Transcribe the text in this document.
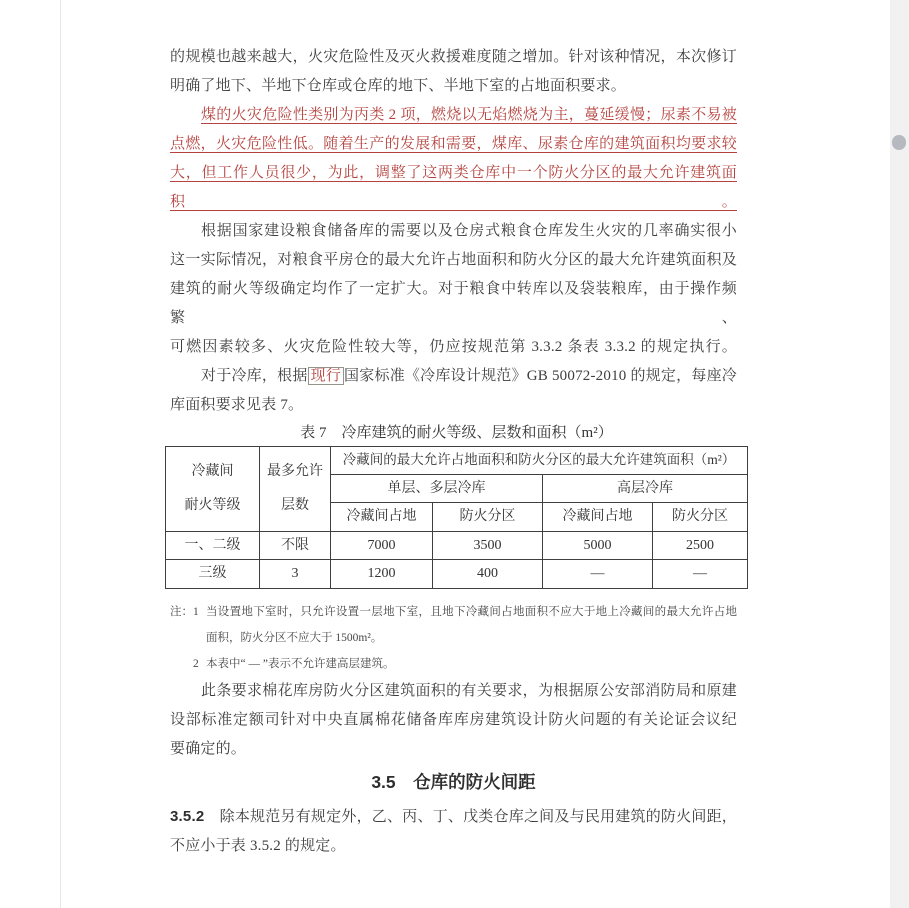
的规模也越来越大，火灾危险性及灭火救援难度随之增加。针对该种情况，本次修订
明确了地下、半地下仓库或仓库的地下、半地下室的占地面积要求。
煤的火灾危险性类别为丙类 2 项，燃烧以无焰燃烧为主，蔓延缓慢；尿素不易被
点燃，火灾危险性低。随着生产的发展和需要，煤库、尿素仓库的建筑面积均要求较
大，但工作人员很少，为此，调整了这两类仓库中一个防火分区的最大允许建筑面积。
根据国家建设粮食储备库的需要以及仓房式粮食仓库发生火灾的几率确实很小
这一实际情况，对粮食平房仓的最大允许占地面积和防火分区的最大允许建筑面积及
建筑的耐火等级确定均作了一定扩大。对于粮食中转库以及袋装粮库，由于操作频繁、
可燃因素较多、火灾危险性较大等，仍应按规范第 3.3.2 条表 3.3.2 的规定执行。
对于冷库，根据 现行 国家标准《冷库设计规范》GB 50072-2010 的规定，每座冷
库面积要求见表 7。
表 7　冷库建筑的耐火等级、层数和面积（m²）
冷藏间
耐火等级
最多允许
层数
冷藏间的最大允许占地面积和防火分区的最大允许建筑面积（m²）
单层、多层冷库	高层冷库
冷藏间占地	防火分区	冷藏间占地	防火分区
一、二级	不限	7000	3500	5000	2500
三级	3	1200	400	—	—
注：1 当设置地下室时，只允许设置一层地下室，且地下冷藏间占地面积不应大于地上冷藏间的最大允许占地
面积，防火分区不应大于 1500m²。
2 本表中“ — ”表示不允许建高层建筑。
此条要求棉花库房防火分区建筑面积的有关要求，为根据原公安部消防局和原建
设部标准定额司针对中央直属棉花储备库库房建筑设计防火问题的有关论证会议纪
要确定的。
3.5　仓库的防火间距
3.5.2　除本规范另有规定外，乙、丙、丁、戊类仓库之间及与民用建筑的防火间距，
不应小于表 3.5.2 的规定。
